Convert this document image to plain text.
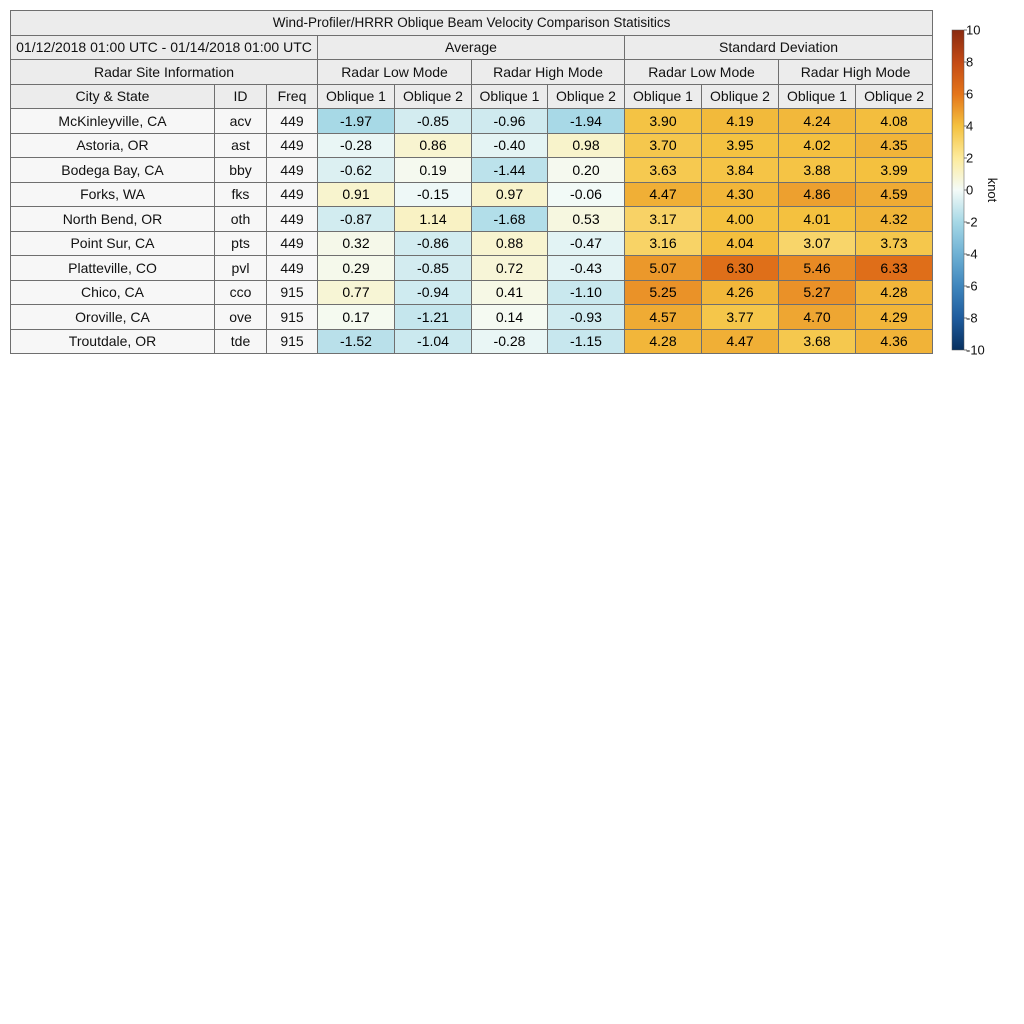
Wind-Profiler/HRRR Oblique Beam Velocity Comparison Statisitics										
01/12/2018 01:00 UTC - 01/14/2018 01:00 UTC			Average				Standard Deviation			
Radar Site Information			Radar Low Mode		Radar High Mode		Radar Low Mode		Radar High Mode	
City & State	ID	Freq	Oblique 1	Oblique 2	Oblique 1	Oblique 2	Oblique 1	Oblique 2	Oblique 1	Oblique 2
McKinleyville, CA	acv	449	-1.97	-0.85	-0.96	-1.94	3.90	4.19	4.24	4.08
Astoria, OR	ast	449	-0.28	0.86	-0.40	0.98	3.70	3.95	4.02	4.35
Bodega Bay, CA	bby	449	-0.62	0.19	-1.44	0.20	3.63	3.84	3.88	3.99
Forks, WA	fks	449	0.91	-0.15	0.97	-0.06	4.47	4.30	4.86	4.59
North Bend, OR	oth	449	-0.87	1.14	-1.68	0.53	3.17	4.00	4.01	4.32
Point Sur, CA	pts	449	0.32	-0.86	0.88	-0.47	3.16	4.04	3.07	3.73
Platteville, CO	pvl	449	0.29	-0.85	0.72	-0.43	5.07	6.30	5.46	6.33
Chico, CA	cco	915	0.77	-0.94	0.41	-1.10	5.25	4.26	5.27	4.28
Oroville, CA	ove	915	0.17	-1.21	0.14	-0.93	4.57	3.77	4.70	4.29
Troutdale, OR	tde	915	-1.52	-1.04	-0.28	-1.15	4.28	4.47	3.68	4.36
10
8
6
4
2
0
-2
-4
-6
-8
-10
knot
